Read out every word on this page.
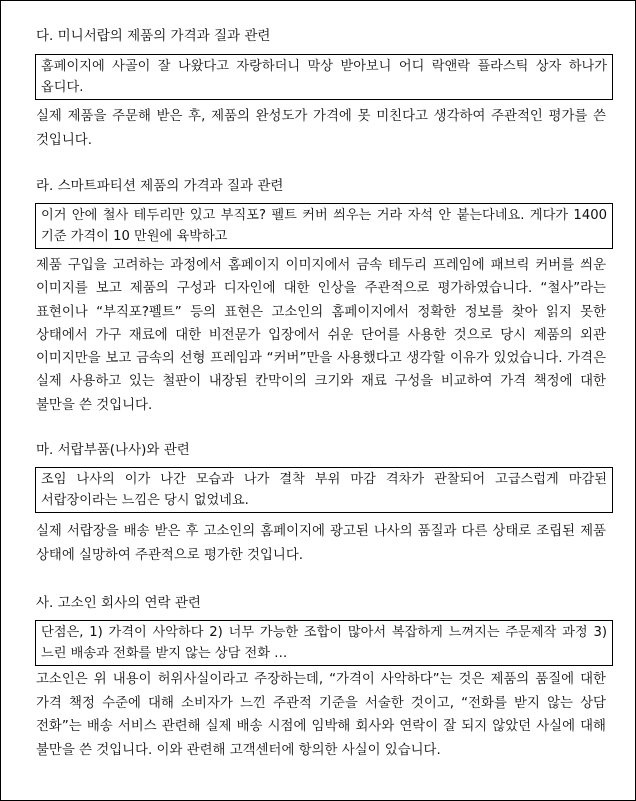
다. 미니서랍의 제품의 가격과 질과 관련
홈페이지에 사골이 잘 나왔다고 자랑하더니 막상 받아보니 어디 락앤락 플라스틱 상자 하나가 옵디다.
실제 제품을 주문해 받은 후, 제품의 완성도가 가격에 못 미친다고 생각하여 주관적인 평가를 쓴 것입니다.
라. 스마트파티션 제품의 가격과 질과 관련
이거 안에 철사 테두리만 있고 부직포? 펠트 커버 씌우는 거라 자석 안 붙는다네요. 게다가 1400 기준 가격이 10 만원에 육박하고
제품 구입을 고려하는 과정에서 홈페이지 이미지에서 금속 테두리 프레임에 패브릭 커버를 씌운 이미지를 보고 제품의 구성과 디자인에 대한 인상을 주관적으로 평가하였습니다. “철사”라는 표현이나 “부직포?펠트” 등의 표현은 고소인의 홈페이지에서 정확한 정보를 찾아 읽지 못한 상태에서 가구 재료에 대한 비전문가 입장에서 쉬운 단어를 사용한 것으로 당시 제품의 외관 이미지만을 보고 금속의 선형 프레임과 “커버”만을 사용했다고 생각할 이유가 있었습니다. 가격은 실제 사용하고 있는 철판이 내장된 칸막이의 크기와 재료 구성을 비교하여 가격 책정에 대한 불만을 쓴 것입니다.
마. 서랍부품(나사)와 관련
조임 나사의 이가 나간 모습과 나가 결착 부위 마감 격차가 관찰되어 고급스럽게 마감된 서랍장이라는 느낌은 당시 없었네요.
실제 서랍장을 배송 받은 후 고소인의 홈페이지에 광고된 나사의 품질과 다른 상태로 조립된 제품 상태에 실망하여 주관적으로 평가한 것입니다.
사. 고소인 회사의 연락 관련
단점은, 1) 가격이 사악하다 2) 너무 가능한 조합이 많아서 복잡하게 느껴지는 주문제작 과정 3) 느린 배송과 전화를 받지 않는 상담 전화 …
고소인은 위 내용이 허위사실이라고 주장하는데, “가격이 사악하다”는 것은 제품의 품질에 대한 가격 책정 수준에 대해 소비자가 느낀 주관적 기준을 서술한 것이고, “전화를 받지 않는 상담 전화”는 배송 서비스 관련해 실제 배송 시점에 임박해 회사와 연락이 잘 되지 않았던 사실에 대해 불만을 쓴 것입니다. 이와 관련해 고객센터에 항의한 사실이 있습니다.
